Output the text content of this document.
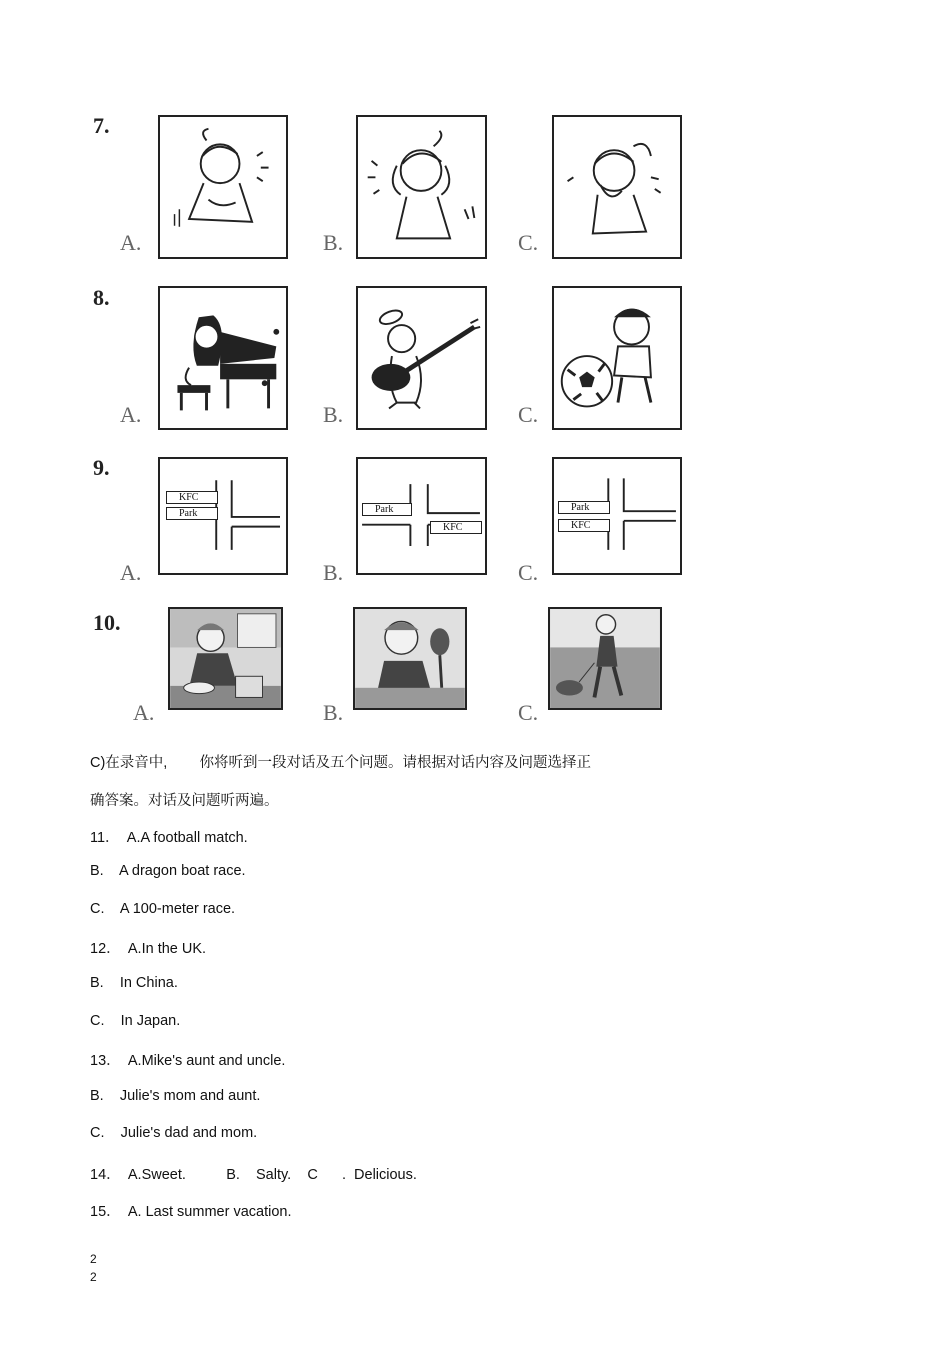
7.
A.	B.	C.
8.
A.	B.	C.
9.
A.	B.	C.
KFC
Park	Park
KFC
Park
KFC
10.
A.	B.	C.
C)在录音中,        你将听到一段对话及五个问题。请根据对话内容及问题选择正
确答案。对话及问题听两遍。
11．  A.A football match.
B.    A dragon boat race.
C.    A 100-meter race.
12．  A.In the UK.
B.    In China.
C.    In Japan.
13．  A.Mike's aunt and uncle.
B.    Julie's mom and aunt.
C.    Julie's dad and mom.
14．  A.Sweet.          B.    Salty.    C      .  Delicious.
15．  A. Last summer vacation.
2
2
